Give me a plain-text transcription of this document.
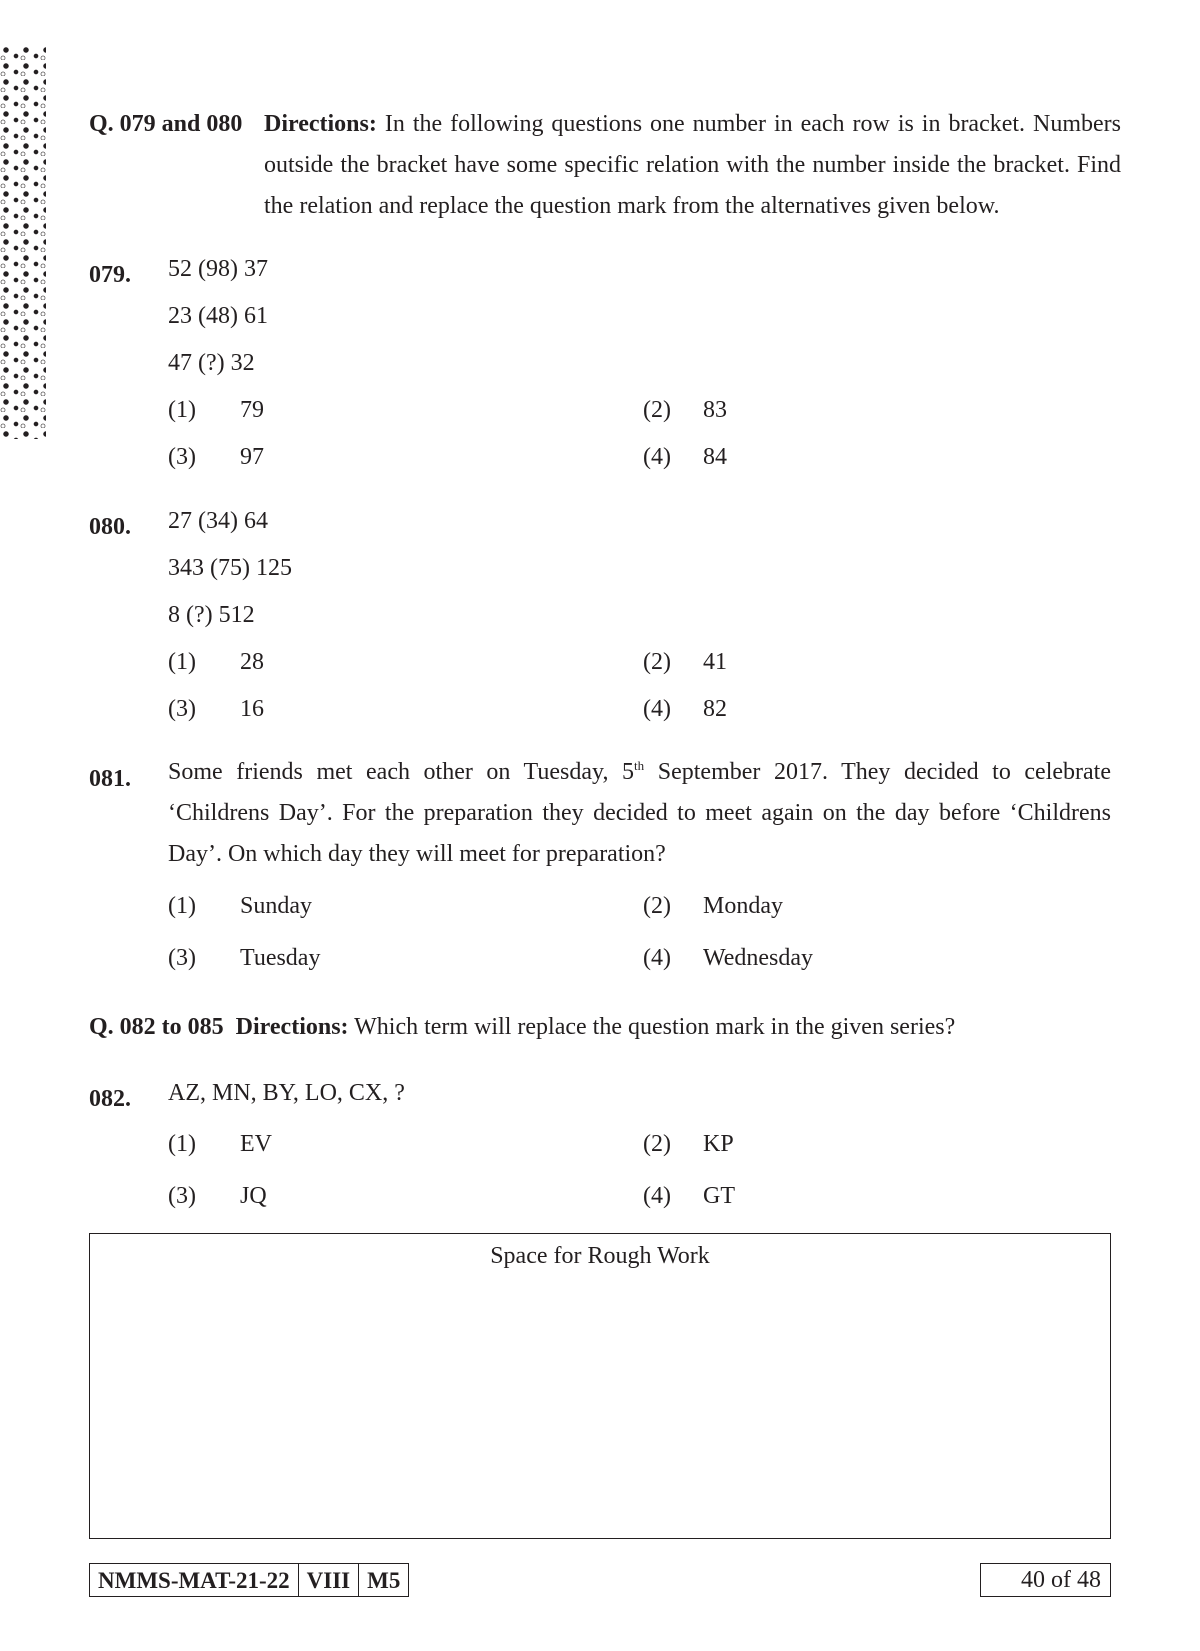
Q. 079 and 080 Directions: In the following questions one number in each row is in bracket. Numbers outside the bracket have some specific relation with the number inside the bracket. Find the relation and replace the question mark from the alternatives given below.
079. 52 (98) 37
23 (48) 61
47 (?) 32
(1) 79	(2) 83
(3) 97	(4) 84
080. 27 (34) 64
343 (75) 125
8 (?) 512
(1) 28	(2) 41
(3) 16	(4) 82
081. Some friends met each other on Tuesday, 5th September 2017. They decided to celebrate ‘Childrens Day’. For the preparation they decided to meet again on the day before ‘Childrens Day’. On which day they will meet for preparation?
(1) Sunday	(2) Monday
(3) Tuesday	(4) Wednesday
Q. 082 to 085 Directions: Which term will replace the question mark in the given series?
082. AZ, MN, BY, LO, CX, ?
(1) EV	(2) KP
(3) JQ	(4) GT
Space for Rough Work
NMMS-MAT-21-22 VIII M5	40 of 48
